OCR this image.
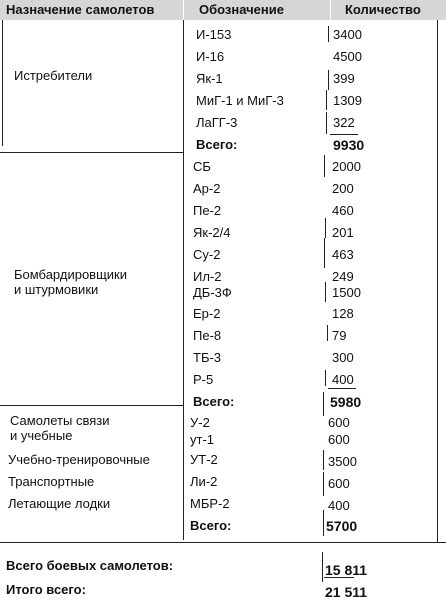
Назначение самолетов	Обозначение	Количество
Истребители
И-153	3400
И-16	4500
Як-1	399
МиГ-1 и МиГ-3	1309
ЛаГГ-3	322
Всего:	9930
Бомбардировщики
и штурмовики
СБ	2000
Ар-2	200
Пе-2	460
Як-2/4	201
Су-2	463
Ил-2	249
ДБ-3Ф	1500
Ер-2	128
Пе-8	79
ТБ-3	300
Р-5	400
Всего:	5980
Самолеты связи
и учебные
У-2	600
ут-1	600
Учебно-тренировочные	УТ-2	3500
Транспортные	Ли-2	600
Летающие лодки	МБР-2	400
Всего:	5700
Всего боевых самолетов:	15 811
Итого всего:	21 511
